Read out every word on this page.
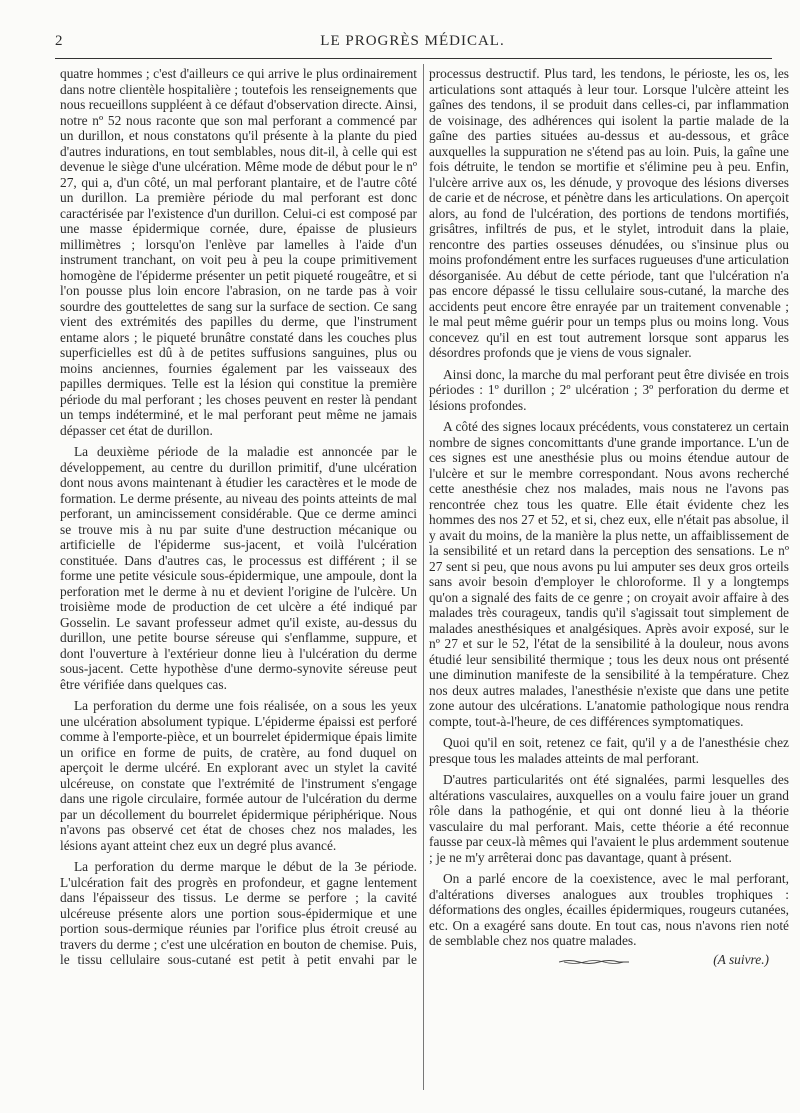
2	LE PROGRÈS MÉDICAL.

quatre hommes ; c'est d'ailleurs ce qui arrive le plus ordinairement dans notre clientèle hospitalière ; toutefois les renseignements que nous recueillons suppléent à ce défaut d'observation directe. Ainsi, notre nº 52 nous raconte que son mal perforant a commencé par un durillon, et nous constatons qu'il présente à la plante du pied d'autres indurations, en tout semblables, nous dit-il, à celle qui est devenue le siège d'une ulcération. Même mode de début pour le nº 27, qui a, d'un côté, un mal perforant plantaire, et de l'autre côté un durillon. La première période du mal perforant est donc caractérisée par l'existence d'un durillon. Celui-ci est composé par une masse épidermique cornée, dure, épaisse de plusieurs millimètres ; lorsqu'on l'enlève par lamelles à l'aide d'un instrument tranchant, on voit peu à peu la coupe primitivement homogène de l'épiderme présenter un petit piqueté rougeâtre, et si l'on pousse plus loin encore l'abrasion, on ne tarde pas à voir sourdre des gouttelettes de sang sur la surface de section. Ce sang vient des extrémités des papilles du derme, que l'instrument entame alors ; le piqueté brunâtre constaté dans les couches plus superficielles est dû à de petites suffusions sanguines, plus ou moins anciennes, fournies également par les vaisseaux des papilles dermiques. Telle est la lésion qui constitue la première période du mal perforant ; les choses peuvent en rester là pendant un temps indéterminé, et le mal perforant peut même ne jamais dépasser cet état de durillon.

La deuxième période de la maladie est annoncée par le développement, au centre du durillon primitif, d'une ulcération dont nous avons maintenant à étudier les caractères et le mode de formation. Le derme présente, au niveau des points atteints de mal perforant, un amincissement considérable. Que ce derme aminci se trouve mis à nu par suite d'une destruction mécanique ou artificielle de l'épiderme sus-jacent, et voilà l'ulcération constituée. Dans d'autres cas, le processus est différent ; il se forme une petite vésicule sous-épidermique, une ampoule, dont la perforation met le derme à nu et devient l'origine de l'ulcère. Un troisième mode de production de cet ulcère a été indiqué par Gosselin. Le savant professeur admet qu'il existe, au-dessus du durillon, une petite bourse séreuse qui s'enflamme, suppure, et dont l'ouverture à l'extérieur donne lieu à l'ulcération du derme sous-jacent. Cette hypothèse d'une dermo-synovite séreuse peut être vérifiée dans quelques cas.

La perforation du derme une fois réalisée, on a sous les yeux une ulcération absolument typique. L'épiderme épaissi est perforé comme à l'emporte-pièce, et un bourrelet épidermique épais limite un orifice en forme de puits, de cratère, au fond duquel on aperçoit le derme ulcéré. En explorant avec un stylet la cavité ulcéreuse, on constate que l'extrémité de l'instrument s'engage dans une rigole circulaire, formée autour de l'ulcération du derme par un décollement du bourrelet épidermique périphérique. Nous n'avons pas observé cet état de choses chez nos malades, les lésions ayant atteint chez eux un degré plus avancé.

La perforation du derme marque le début de la 3e période. L'ulcération fait des progrès en profondeur, et gagne lentement dans l'épaisseur des tissus. Le derme se perfore ; la cavité ulcéreuse présente alors une portion sous-épidermique et une portion sous-dermique réunies par l'orifice plus étroit creusé au travers du derme ; c'est une ulcération en bouton de chemise. Puis, le tissu cellulaire sous-cutané est petit à petit envahi par le

processus destructif. Plus tard, les tendons, le périoste, les os, les articulations sont attaqués à leur tour. Lorsque l'ulcère atteint les gaînes des tendons, il se produit dans celles-ci, par inflammation de voisinage, des adhérences qui isolent la partie malade de la gaîne des parties situées au-dessus et au-dessous, et grâce auxquelles la suppuration ne s'étend pas au loin. Puis, la gaîne une fois détruite, le tendon se mortifie et s'élimine peu à peu. Enfin, l'ulcère arrive aux os, les dénude, y provoque des lésions diverses de carie et de nécrose, et pénètre dans les articulations. On aperçoit alors, au fond de l'ulcération, des portions de tendons mortifiés, grisâtres, infiltrés de pus, et le stylet, introduit dans la plaie, rencontre des parties osseuses dénudées, ou s'insinue plus ou moins profondément entre les surfaces rugueuses d'une articulation désorganisée. Au début de cette période, tant que l'ulcération n'a pas encore dépassé le tissu cellulaire sous-cutané, la marche des accidents peut encore être enrayée par un traitement convenable ; le mal peut même guérir pour un temps plus ou moins long. Vous concevez qu'il en est tout autrement lorsque sont apparus les désordres profonds que je viens de vous signaler.

Ainsi donc, la marche du mal perforant peut être divisée en trois périodes : 1º durillon ; 2º ulcération ; 3º perforation du derme et lésions profondes.

A côté des signes locaux précédents, vous constaterez un certain nombre de signes concomittants d'une grande importance. L'un de ces signes est une anesthésie plus ou moins étendue autour de l'ulcère et sur le membre correspondant. Nous avons recherché cette anesthésie chez nos malades, mais nous ne l'avons pas rencontrée chez tous les quatre. Elle était évidente chez les hommes des nos 27 et 52, et si, chez eux, elle n'était pas absolue, il y avait du moins, de la manière la plus nette, un affaiblissement de la sensibilité et un retard dans la perception des sensations. Le nº 27 sent si peu, que nous avons pu lui amputer ses deux gros orteils sans avoir besoin d'employer le chloroforme. Il y a longtemps qu'on a signalé des faits de ce genre ; on croyait avoir affaire à des malades très courageux, tandis qu'il s'agissait tout simplement de malades anesthésiques et analgésiques. Après avoir exposé, sur le nº 27 et sur le 52, l'état de la sensibilité à la douleur, nous avons étudié leur sensibilité thermique ; tous les deux nous ont présenté une diminution manifeste de la sensibilité à la température. Chez nos deux autres malades, l'anesthésie n'existe que dans une petite zone autour des ulcérations. L'anatomie pathologique nous rendra compte, tout-à-l'heure, de ces différences symptomatiques.

Quoi qu'il en soit, retenez ce fait, qu'il y a de l'anesthésie chez presque tous les malades atteints de mal perforant.

D'autres particularités ont été signalées, parmi lesquelles des altérations vasculaires, auxquelles on a voulu faire jouer un grand rôle dans la pathogénie, et qui ont donné lieu à la théorie vasculaire du mal perforant. Mais, cette théorie a été reconnue fausse par ceux-là mêmes qui l'avaient le plus ardemment soutenue ; je ne m'y arrêterai donc pas davantage, quant à présent.

On a parlé encore de la coexistence, avec le mal perforant, d'altérations diverses analogues aux troubles trophiques : déformations des ongles, écailles épidermiques, rougeurs cutanées, etc. On a exagéré sans doute. En tout cas, nous n'avons rien noté de semblable chez nos quatre malades.

(A suivre.)
